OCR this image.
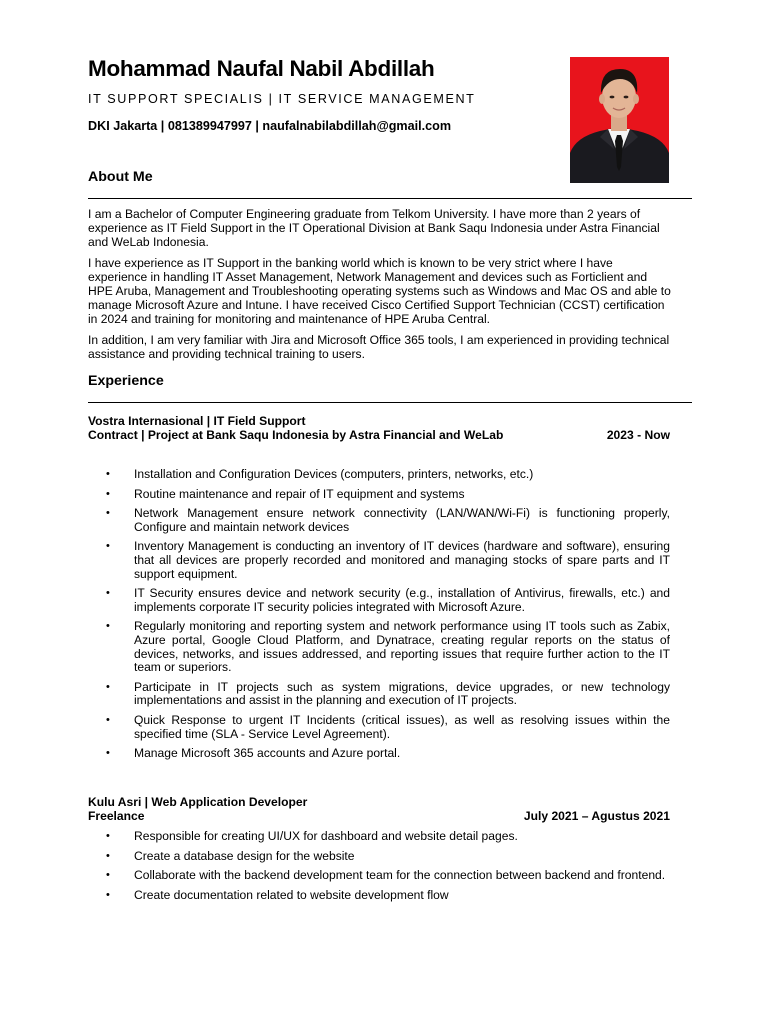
Mohammad Naufal Nabil Abdillah
IT SUPPORT SPECIALIS | IT SERVICE MANAGEMENT
DKI Jakarta | 081389947997 | naufalnabilabdillah@gmail.com
About Me

I am a Bachelor of Computer Engineering graduate from Telkom University. I have more than 2 years of experience as IT Field Support in the IT Operational Division at Bank Saqu Indonesia under Astra Financial and WeLab Indonesia.

I have experience as IT Support in the banking world which is known to be very strict where I have experience in handling IT Asset Management, Network Management and devices such as Forticlient and HPE Aruba, Management and Troubleshooting operating systems such as Windows and Mac OS and able to manage Microsoft Azure and Intune. I have received Cisco Certified Support Technician (CCST) certification in 2024 and training for monitoring and maintenance of HPE Aruba Central.

In addition, I am very familiar with Jira and Microsoft Office 365 tools, I am experienced in providing technical assistance and providing technical training to users.

Experience
Vostra Internasional | IT Field Support
Contract | Project at Bank Saqu Indonesia by Astra Financial and WeLab	2023 - Now
• Installation and Configuration Devices (computers, printers, networks, etc.)
• Routine maintenance and repair of IT equipment and systems
• Network Management ensure network connectivity (LAN/WAN/Wi-Fi) is functioning properly, Configure and maintain network devices
• Inventory Management is conducting an inventory of IT devices (hardware and software), ensuring that all devices are properly recorded and monitored and managing stocks of spare parts and IT support equipment.
• IT Security ensures device and network security (e.g., installation of Antivirus, firewalls, etc.) and implements corporate IT security policies integrated with Microsoft Azure.
• Regularly monitoring and reporting system and network performance using IT tools such as Zabix, Azure portal, Google Cloud Platform, and Dynatrace, creating regular reports on the status of devices, networks, and issues addressed, and reporting issues that require further action to the IT team or superiors.
• Participate in IT projects such as system migrations, device upgrades, or new technology implementations and assist in the planning and execution of IT projects.
• Quick Response to urgent IT Incidents (critical issues), as well as resolving issues within the specified time (SLA - Service Level Agreement).
• Manage Microsoft 365 accounts and Azure portal.
Kulu Asri | Web Application Developer
Freelance	July 2021 – Agustus 2021
• Responsible for creating UI/UX for dashboard and website detail pages.
• Create a database design for the website
• Collaborate with the backend development team for the connection between backend and frontend.
• Create documentation related to website development flow
